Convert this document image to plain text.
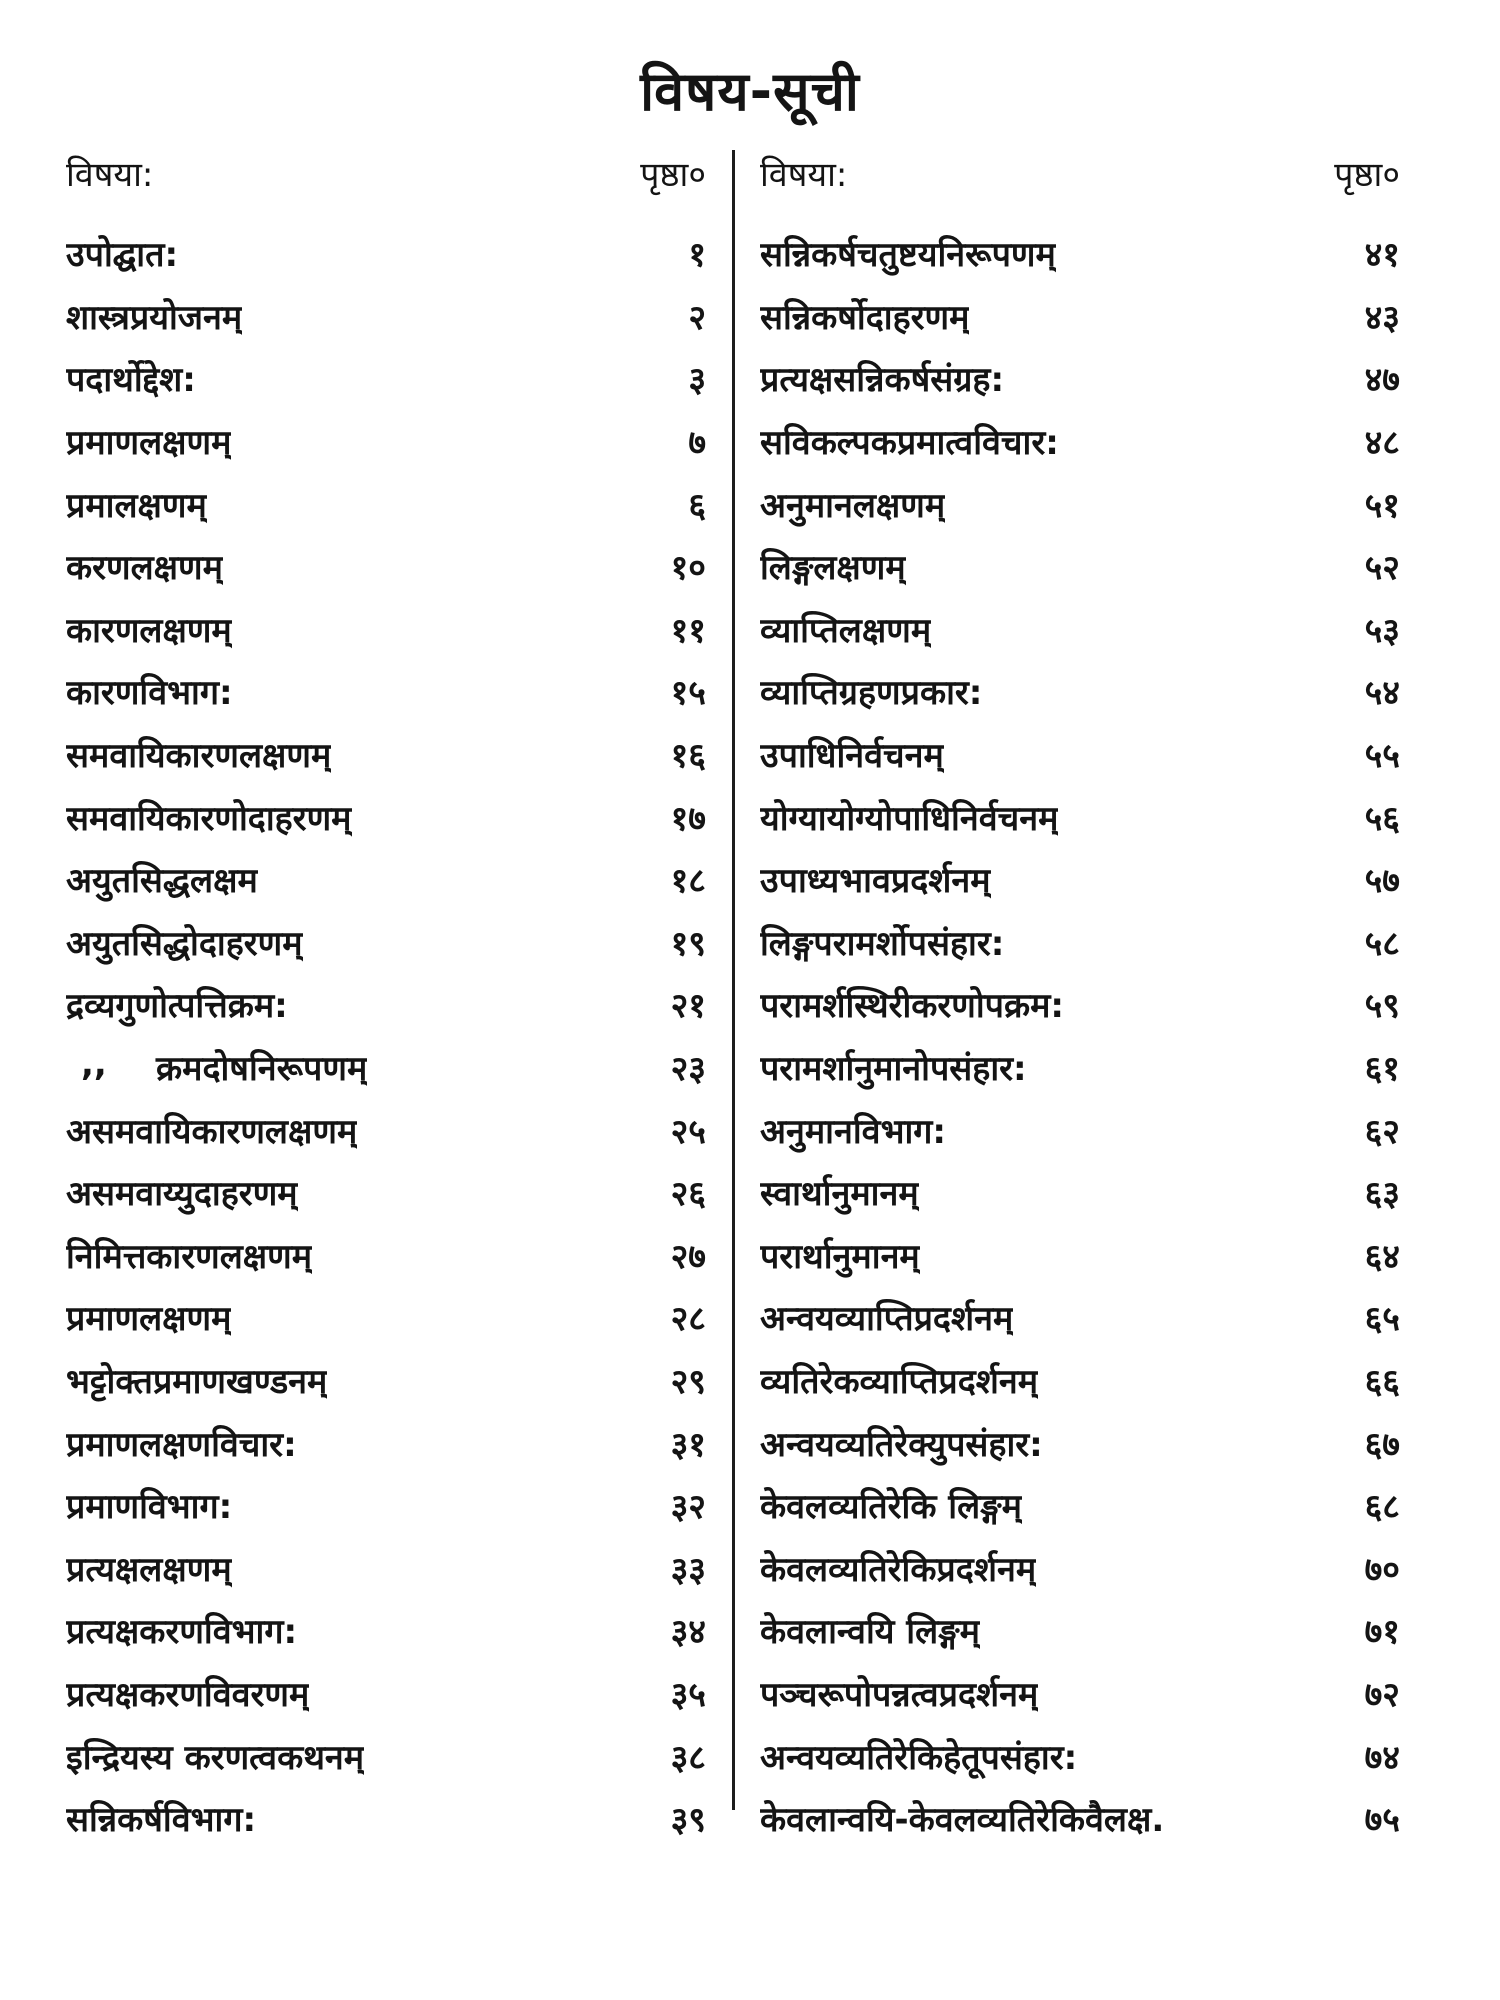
विषय-सूची
विषया:	पृष्ठा०
उपोद्घात:	१
शास्त्रप्रयोजनम्	२
पदार्थोद्देश:	३
प्रमाणलक्षणम्	७
प्रमालक्षणम्	६
करणलक्षणम्	१०
कारणलक्षणम्	११
कारणविभाग:	१५
समवायिकारणलक्षणम्	१६
समवायिकारणोदाहरणम्	१७
अयुतसिद्धलक्षम	१८
अयुतसिद्धोदाहरणम्	१९
द्रव्यगुणोत्पत्तिक्रम:	२१
,, क्रमदोषनिरूपणम्	२३
असमवायिकारणलक्षणम्	२५
असमवाय्युदाहरणम्	२६
निमित्तकारणलक्षणम्	२७
प्रमाणलक्षणम्	२८
भट्टोक्तप्रमाणखण्डनम्	२९
प्रमाणलक्षणविचार:	३१
प्रमाणविभाग:	३२
प्रत्यक्षलक्षणम्	३३
प्रत्यक्षकरणविभाग:	३४
प्रत्यक्षकरणविवरणम्	३५
इन्द्रियस्य करणत्वकथनम्	३८
सन्निकर्षविभाग:	३९
विषया:	पृष्ठा०
सन्निकर्षचतुष्टयनिरूपणम्	४१
सन्निकर्षोदाहरणम्	४३
प्रत्यक्षसन्निकर्षसंग्रह:	४७
सविकल्पकप्रमात्वविचार:	४८
अनुमानलक्षणम्	५१
लिङ्गलक्षणम्	५२
व्याप्तिलक्षणम्	५३
व्याप्तिग्रहणप्रकार:	५४
उपाधिनिर्वचनम्	५५
योग्यायोग्योपाधिनिर्वचनम्	५६
उपाध्यभावप्रदर्शनम्	५७
लिङ्गपरामर्शोपसंहार:	५८
परामर्शस्थिरीकरणोपक्रम:	५९
परामर्शानुमानोपसंहार:	६१
अनुमानविभाग:	६२
स्वार्थानुमानम्	६३
परार्थानुमानम्	६४
अन्वयव्याप्तिप्रदर्शनम्	६५
व्यतिरेकव्याप्तिप्रदर्शनम्	६६
अन्वयव्यतिरेक्युपसंहार:	६७
केवलव्यतिरेकि लिङ्गम्	६८
केवलव्यतिरेकिप्रदर्शनम्	७०
केवलान्वयि लिङ्गम्	७१
पञ्चरूपोपन्नत्वप्रदर्शनम्	७२
अन्वयव्यतिरेकिहेतूपसंहार:	७४
केवलान्वयि-केवलव्यतिरेकिवैलक्ष.	७५
